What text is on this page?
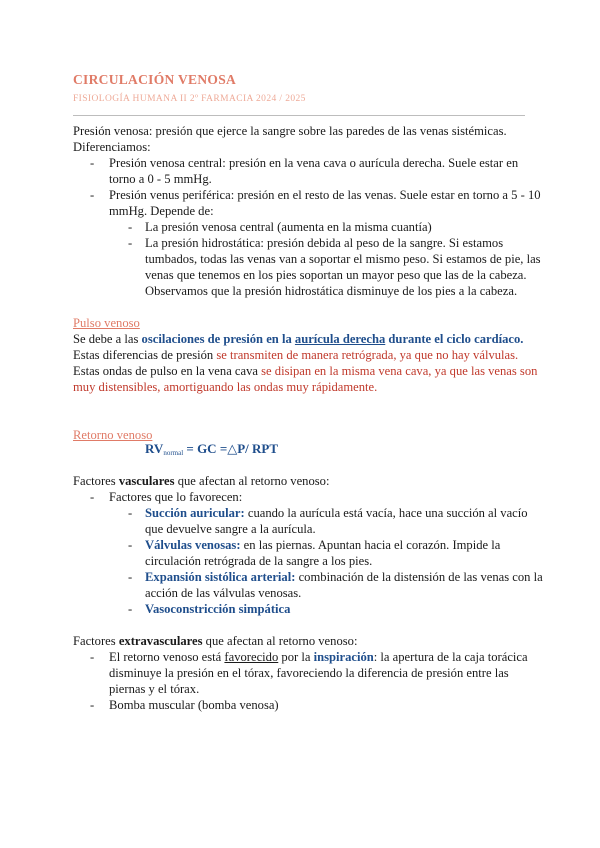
CIRCULACIÓN VENOSA
FISIOLOGÍA HUMANA II 2º FARMACIA 2024 / 2025
Presión venosa: presión que ejerce la sangre sobre las paredes de las venas sistémicas.
Diferenciamos:
- Presión venosa central: presión en la vena cava o aurícula derecha. Suele estar en
torno a 0 - 5 mmHg.
- Presión venus periférica: presión en el resto de las venas. Suele estar en torno a 5 - 10
mmHg. Depende de:
- La presión venosa central (aumenta en la misma cuantía)
- La presión hidrostática: presión debida al peso de la sangre. Si estamos
tumbados, todas las venas van a soportar el mismo peso. Si estamos de pie, las
venas que tenemos en los pies soportan un mayor peso que las de la cabeza.
Observamos que la presión hidrostática disminuye de los pies a la cabeza.
Pulso venoso
Se debe a las oscilaciones de presión en la aurícula derecha durante el ciclo cardíaco.
Estas diferencias de presión se transmiten de manera retrógrada, ya que no hay válvulas.
Estas ondas de pulso en la vena cava se disipan en la misma vena cava, ya que las venas son
muy distensibles, amortiguando las ondas muy rápidamente.
Retorno venoso
$RV_{normal}$ = GC =△P/ RPT
Factores vasculares que afectan al retorno venoso:
- Factores que lo favorecen:
- Succión auricular: cuando la aurícula está vacía, hace una succión al vacío
que devuelve sangre a la aurícula.
- Válvulas venosas: en las piernas. Apuntan hacia el corazón. Impide la
circulación retrógrada de la sangre a los pies.
- Expansión sistólica arterial: combinación de la distensión de las venas con la
acción de las válvulas venosas.
- Vasoconstricción simpática
Factores extravasculares que afectan al retorno venoso:
- El retorno venoso está favorecido por la inspiración: la apertura de la caja torácica
disminuye la presión en el tórax, favoreciendo la diferencia de presión entre las
piernas y el tórax.
- Bomba muscular (bomba venosa)
